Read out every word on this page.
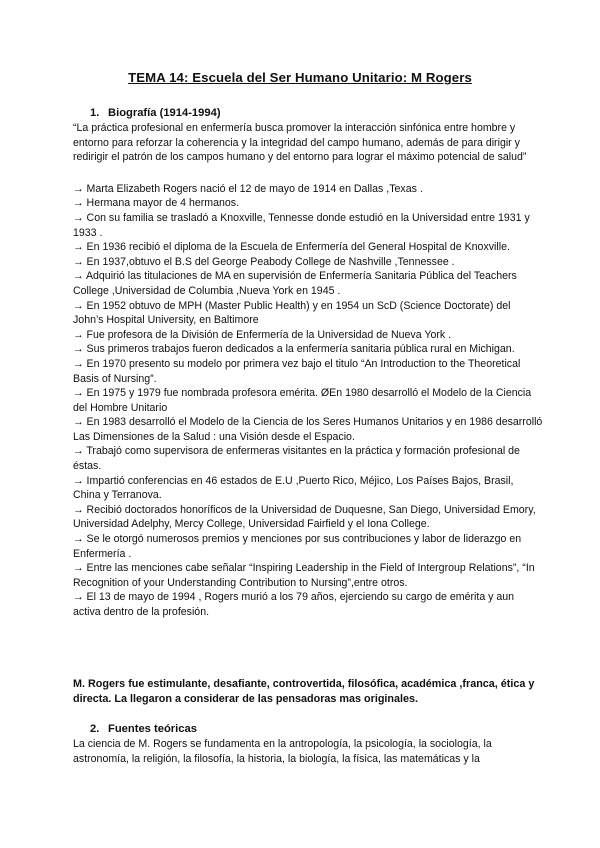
TEMA 14: Escuela del Ser Humano Unitario: M Rogers
1. Biografía (1914-1994)

“La práctica profesional en enfermería busca promover la interacción sinfónica entre hombre y entorno para reforzar la coherencia y la integridad del campo humano, además de para dirigir y redirigir el patrón de los campos humano y del entorno para lograr el máximo potencial de salud”

→ Marta Elizabeth Rogers nació el 12 de mayo de 1914 en Dallas ,Texas .

→ Hermana mayor de 4 hermanos.

→ Con su familia se trasladó a Knoxville, Tennesse donde estudió en la Universidad entre 1931 y 1933 .

→ En 1936 recibió el diploma de la Escuela de Enfermería del General Hospital de Knoxville.

→ En 1937,obtuvo el B.S del George Peabody College de Nashville ,Tennessee .

→ Adquirió las titulaciones de MA en supervisión de Enfermería Sanitaria Pública del Teachers College ,Universidad de Columbia ,Nueva York en 1945 .

→ En 1952 obtuvo de MPH (Master Public Health) y en 1954 un ScD (Science Doctorate) del John’s Hospital University, en Baltimore

→ Fue profesora de la División de Enfermería de la Universidad de Nueva York .

→ Sus primeros trabajos fueron dedicados a la enfermería sanitaria pública rural en Michigan.

→ En 1970 presento su modelo por primera vez bajo el titulo “An Introduction to the Theoretical Basis of Nursing”.

→ En 1975 y 1979 fue nombrada profesora emérita. ØEn 1980 desarrolló el Modelo de la Ciencia del Hombre Unitario

→ En 1983 desarrolló el Modelo de la Ciencia de los Seres Humanos Unitarios y en 1986 desarrolló Las Dimensiones de la Salud : una Visión desde el Espacio.

→ Trabajó como supervisora de enfermeras visitantes en la práctica y formación profesional de éstas.

→ Impartió conferencias en 46 estados de E.U ,Puerto Rico, Méjico, Los Países Bajos, Brasil, China y Terranova.

→ Recibió doctorados honoríficos de la Universidad de Duquesne, San Diego, Universidad Emory, Universidad Adelphy, Mercy College, Universidad Fairfield y el Iona College.

→ Se le otorgó numerosos premios y menciones por sus contribuciones y labor de liderazgo en Enfermería .

→ Entre las menciones cabe señalar “Inspiring Leadership in the Field of Intergroup Relations”, “In Recognition of your Understanding Contribution to Nursing”,entre otros.

→ El 13 de mayo de 1994 , Rogers murió a los 79 años, ejerciendo su cargo de emérita y aun activa dentro de la profesión.

M. Rogers fue estimulante, desafiante, controvertida, filosófica, académica ,franca, ética y directa. La llegaron a considerar de las pensadoras mas originales.
2. Fuentes teóricas
La ciencia de M. Rogers se fundamenta en la antropología, la psicología, la sociología, la astronomía, la religión, la filosofía, la historia, la biología, la física, las matemáticas y la
